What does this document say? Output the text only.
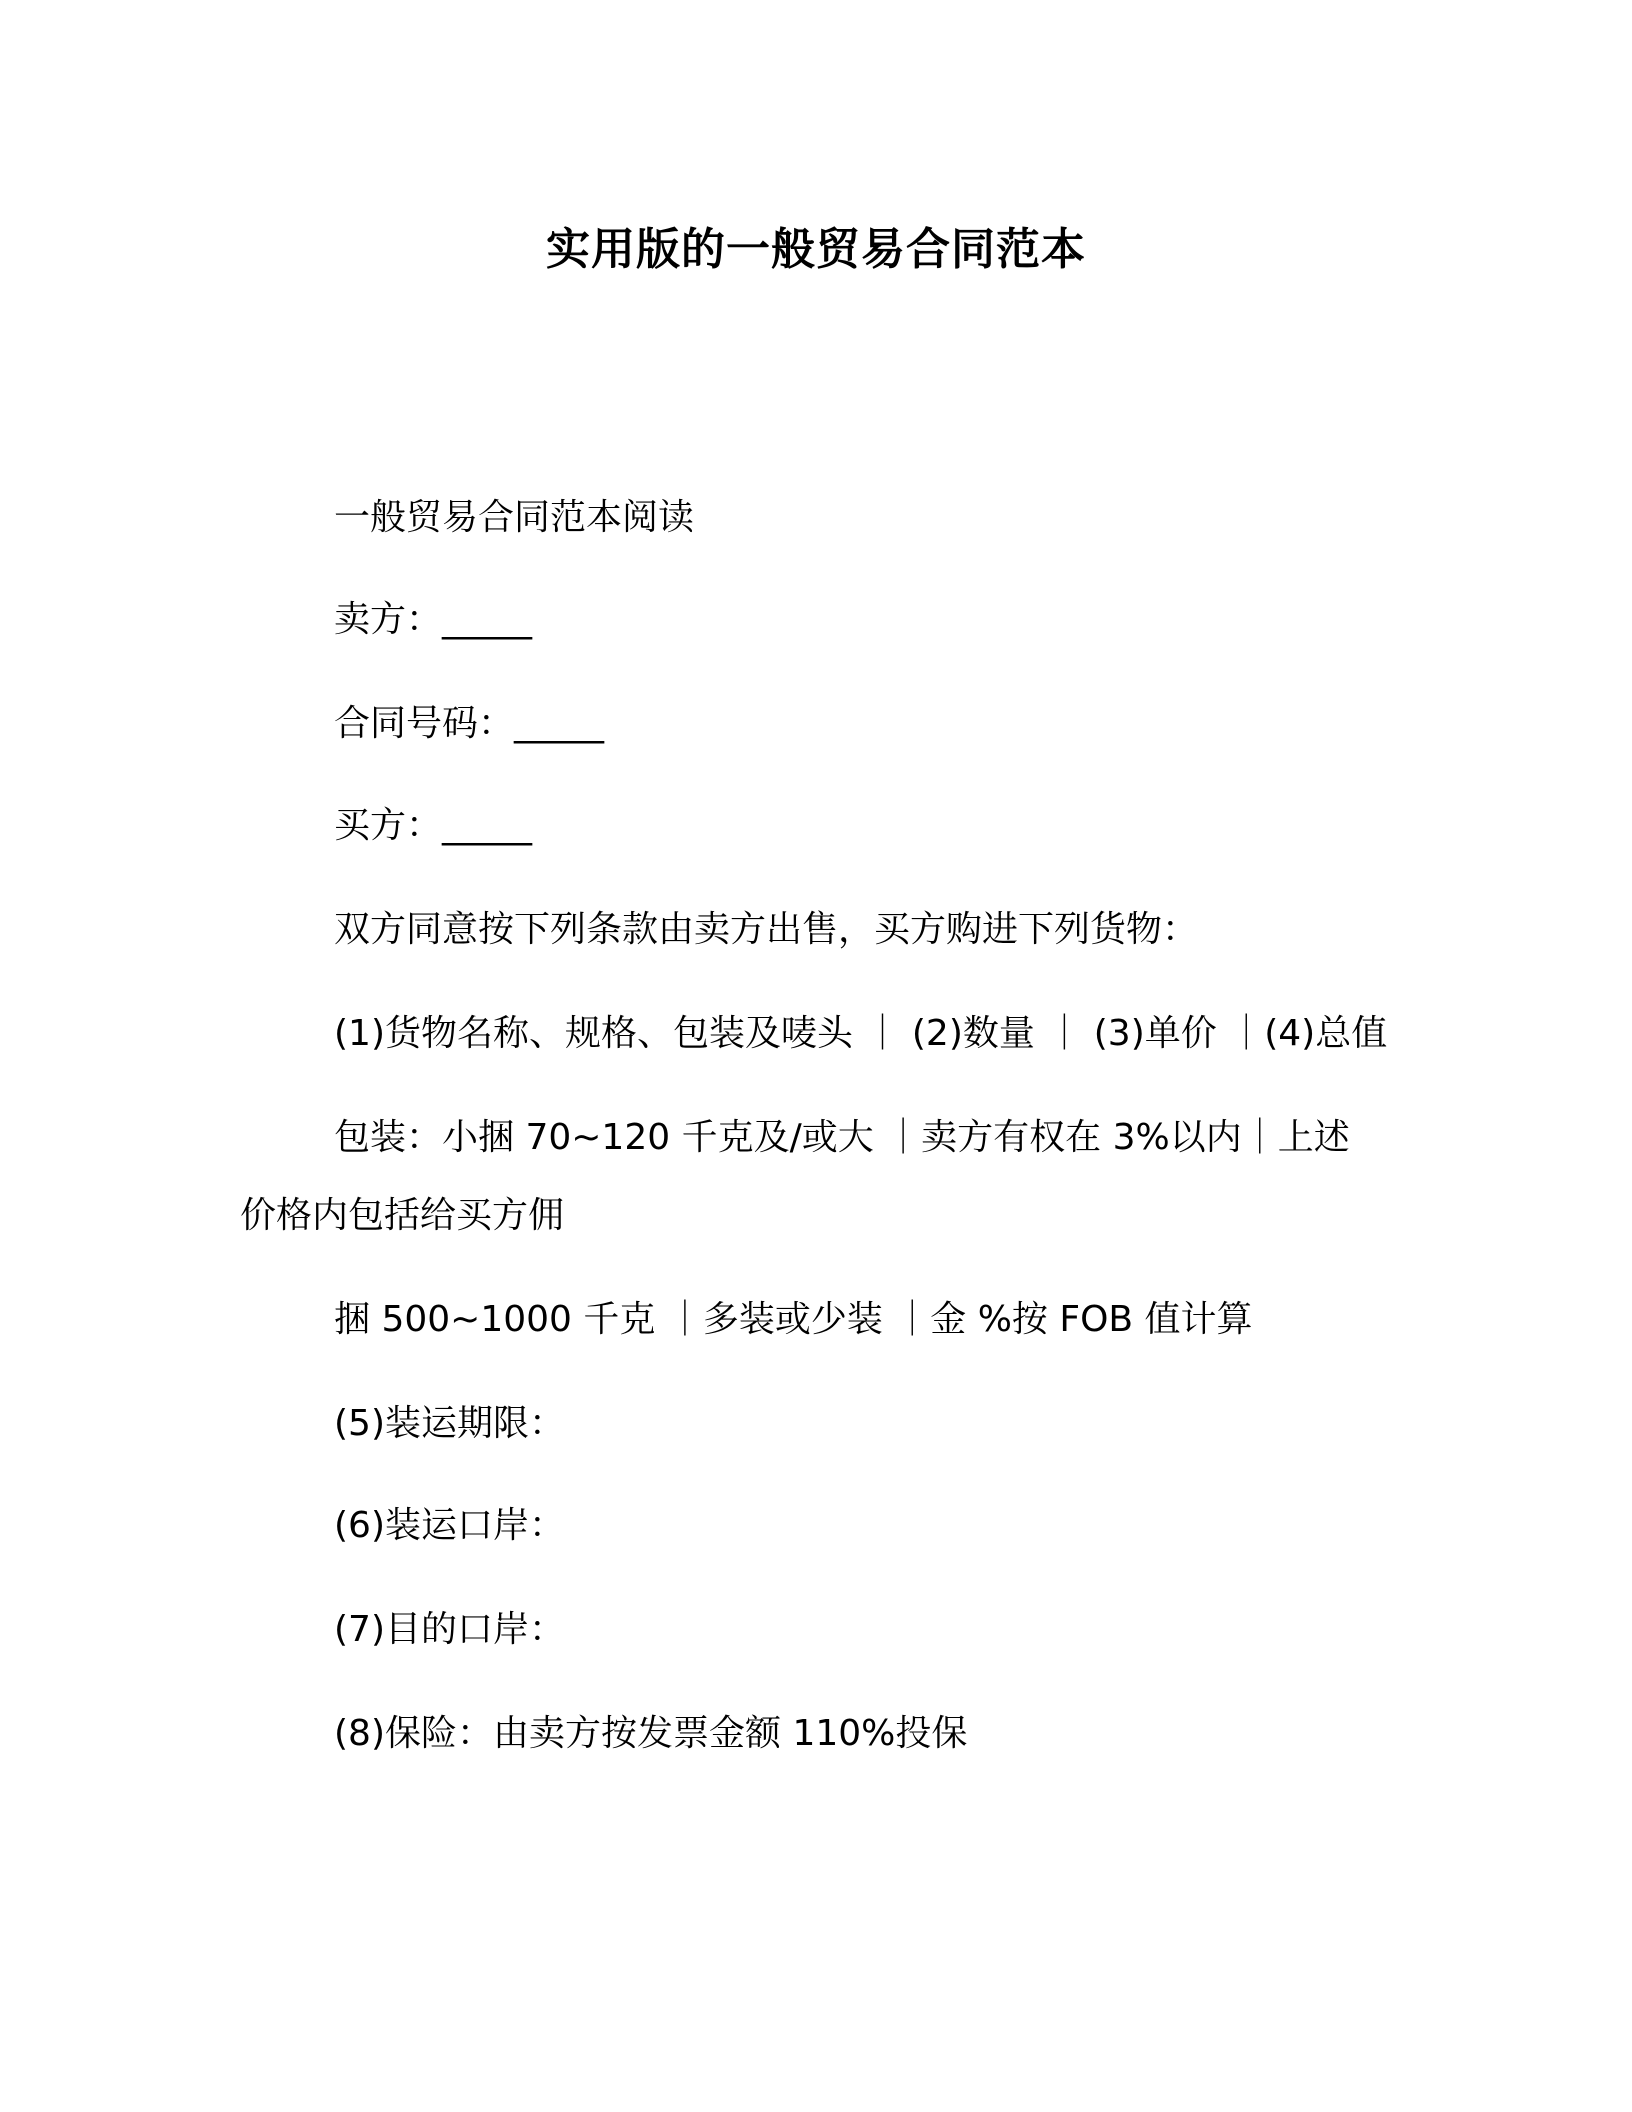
实用版的一般贸易合同范本
一般贸易合同范本阅读
卖方：_____
合同号码：_____
买方：_____
双方同意按下列条款由卖方出售，买方购进下列货物：
(1)货物名称、规格、包装及唛头 ｜ (2)数量 ｜ (3)单价 ｜(4)总值
包装：小捆 70~120 千克及/或大 ｜卖方有权在 3%以内｜上述
价格内包括给买方佣
捆 500~1000 千克 ｜多装或少装 ｜金 %按 FOB 值计算
(5)装运期限：
(6)装运口岸：
(7)目的口岸：
(8)保险：由卖方按发票金额 110%投保
